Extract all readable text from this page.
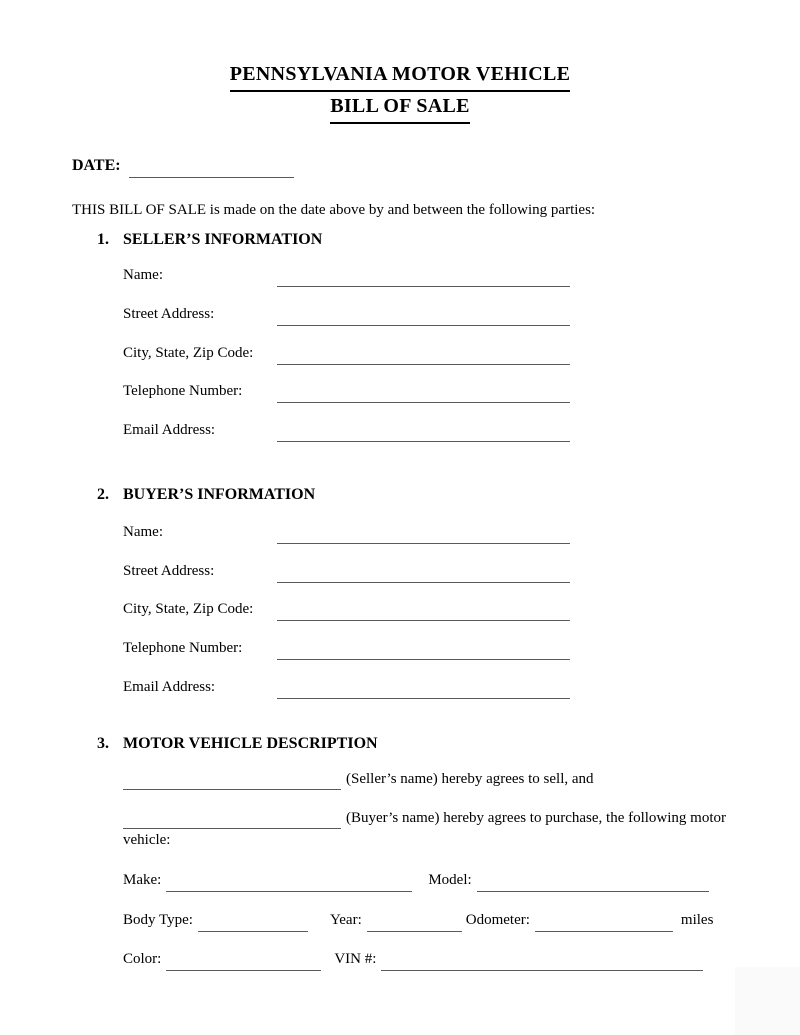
PENNSYLVANIA MOTOR VEHICLE
BILL OF SALE
DATE:
THIS BILL OF SALE is made on the date above by and between the following parties:
1. SELLER’S INFORMATION
Name:
Street Address:
City, State, Zip Code:
Telephone Number:
Email Address:
2. BUYER’S INFORMATION
Name:
Street Address:
City, State, Zip Code:
Telephone Number:
Email Address:
3. MOTOR VEHICLE DESCRIPTION
(Seller’s name) hereby agrees to sell, and
(Buyer’s name) hereby agrees to purchase, the following motor vehicle:
Make:	Model:
Body Type:	Year:	Odometer:	miles
Color:	VIN #:
